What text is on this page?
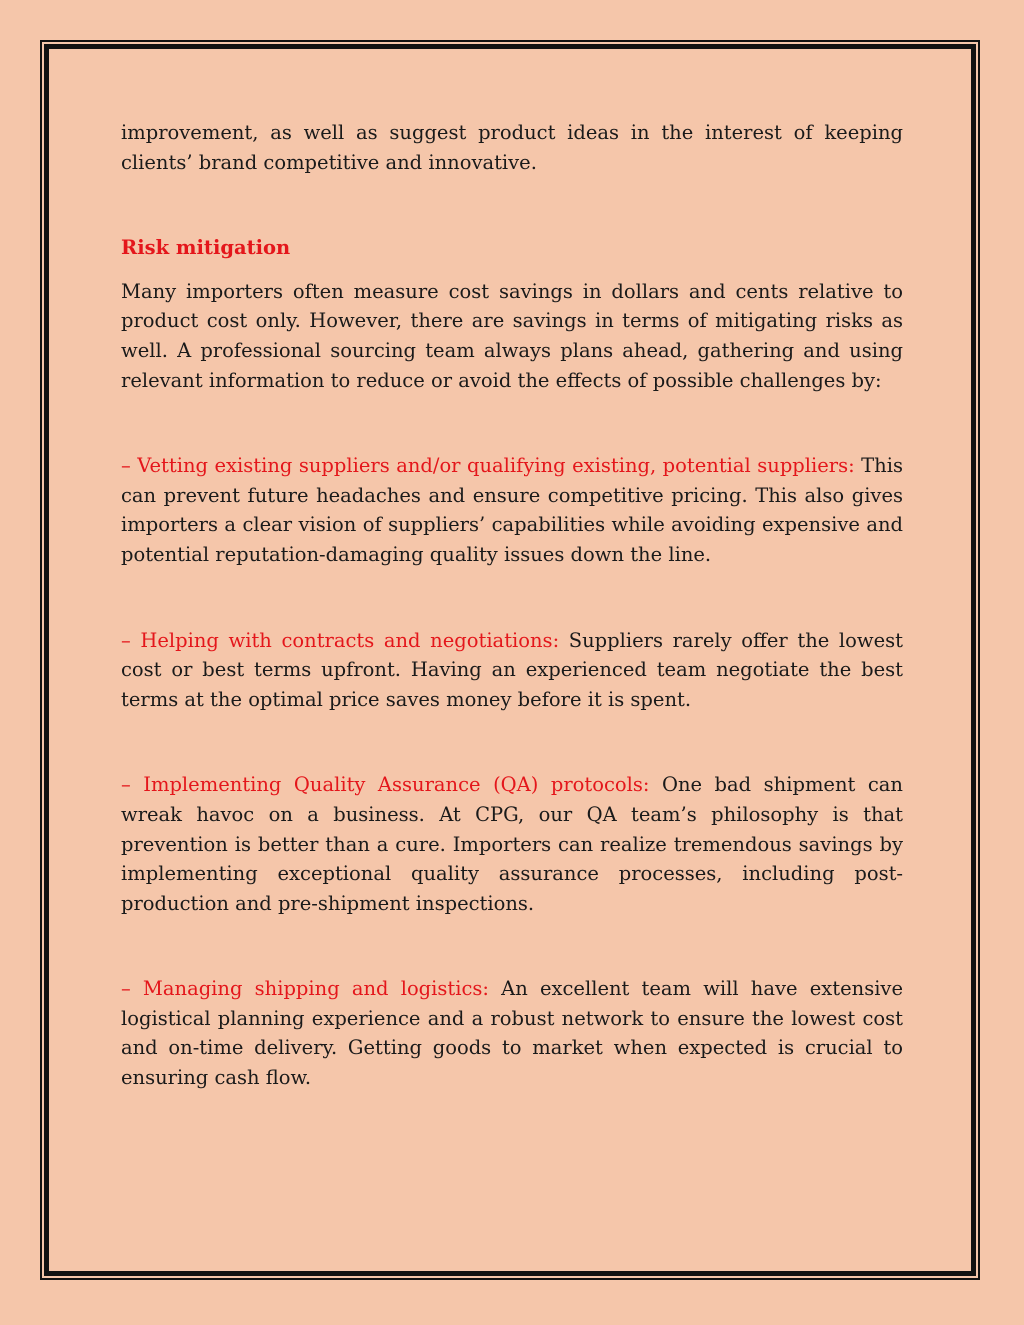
improvement, as well as suggest product ideas in the interest of keeping clients’ brand competitive and innovative.

Risk mitigation

Many importers often measure cost savings in dollars and cents relative to product cost only. However, there are savings in terms of mitigating risks as well. A professional sourcing team always plans ahead, gathering and using relevant information to reduce or avoid the effects of possible challenges by:

– Vetting existing suppliers and/or qualifying existing, potential suppliers: This can prevent future headaches and ensure competitive pricing. This also gives importers a clear vision of suppliers’ capabilities while avoiding expensive and potential reputation-damaging quality issues down the line.

– Helping with contracts and negotiations: Suppliers rarely offer the lowest cost or best terms upfront. Having an experienced team negotiate the best terms at the optimal price saves money before it is spent.

– Implementing Quality Assurance (QA) protocols: One bad shipment can wreak havoc on a business. At CPG, our QA team’s philosophy is that prevention is better than a cure. Importers can realize tremendous savings by implementing exceptional quality assurance processes, including post-production and pre-shipment inspections.

– Managing shipping and logistics: An excellent team will have extensive logistical planning experience and a robust network to ensure the lowest cost and on-time delivery. Getting goods to market when expected is crucial to ensuring cash flow.
